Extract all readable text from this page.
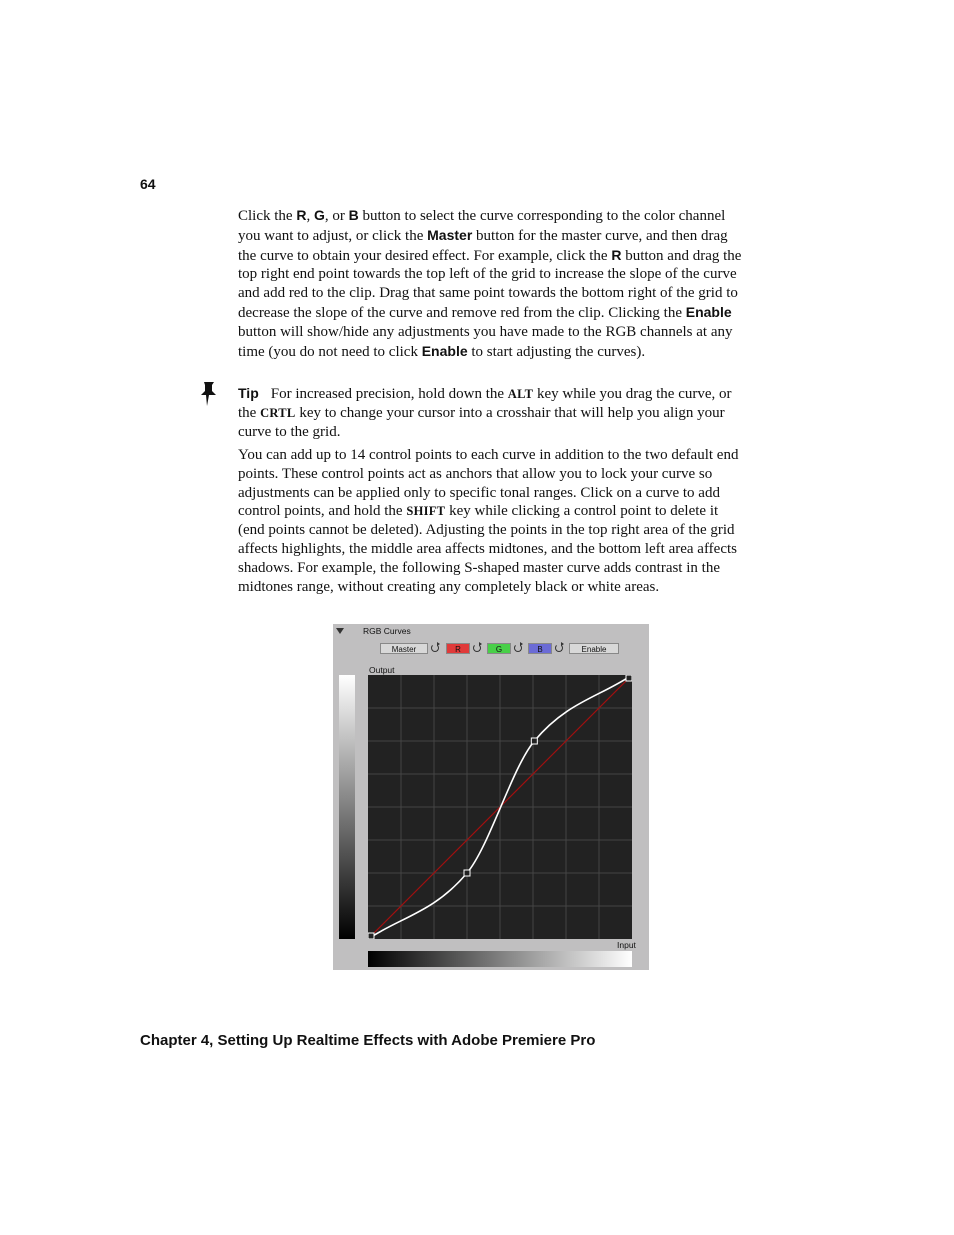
64

Click the R, G, or B button to select the curve corresponding to the color channel you want to adjust, or click the Master button for the master curve, and then drag the curve to obtain your desired effect. For example, click the R button and drag the top right end point towards the top left of the grid to increase the slope of the curve and add red to the clip. Drag that same point towards the bottom right of the grid to decrease the slope of the curve and remove red from the clip. Clicking the Enable button will show/hide any adjustments you have made to the RGB channels at any time (you do not need to click Enable to start adjusting the curves).

Tip For increased precision, hold down the ALT key while you drag the curve, or the CRTL key to change your cursor into a crosshair that will help you align your curve to the grid.

You can add up to 14 control points to each curve in addition to the two default end points. These control points act as anchors that allow you to lock your curve so adjustments can be applied only to specific tonal ranges. Click on a curve to add control points, and hold the SHIFT key while clicking a control point to delete it (end points cannot be deleted). Adjusting the points in the top right area of the grid affects highlights, the middle area affects midtones, and the bottom left area affects shadows. For example, the following S-shaped master curve adds contrast in the midtones range, without creating any completely black or white areas.

RGB Curves
Master	R	G	B	Enable
Output
Input
Chapter 4, Setting Up Realtime Effects with Adobe Premiere Pro
